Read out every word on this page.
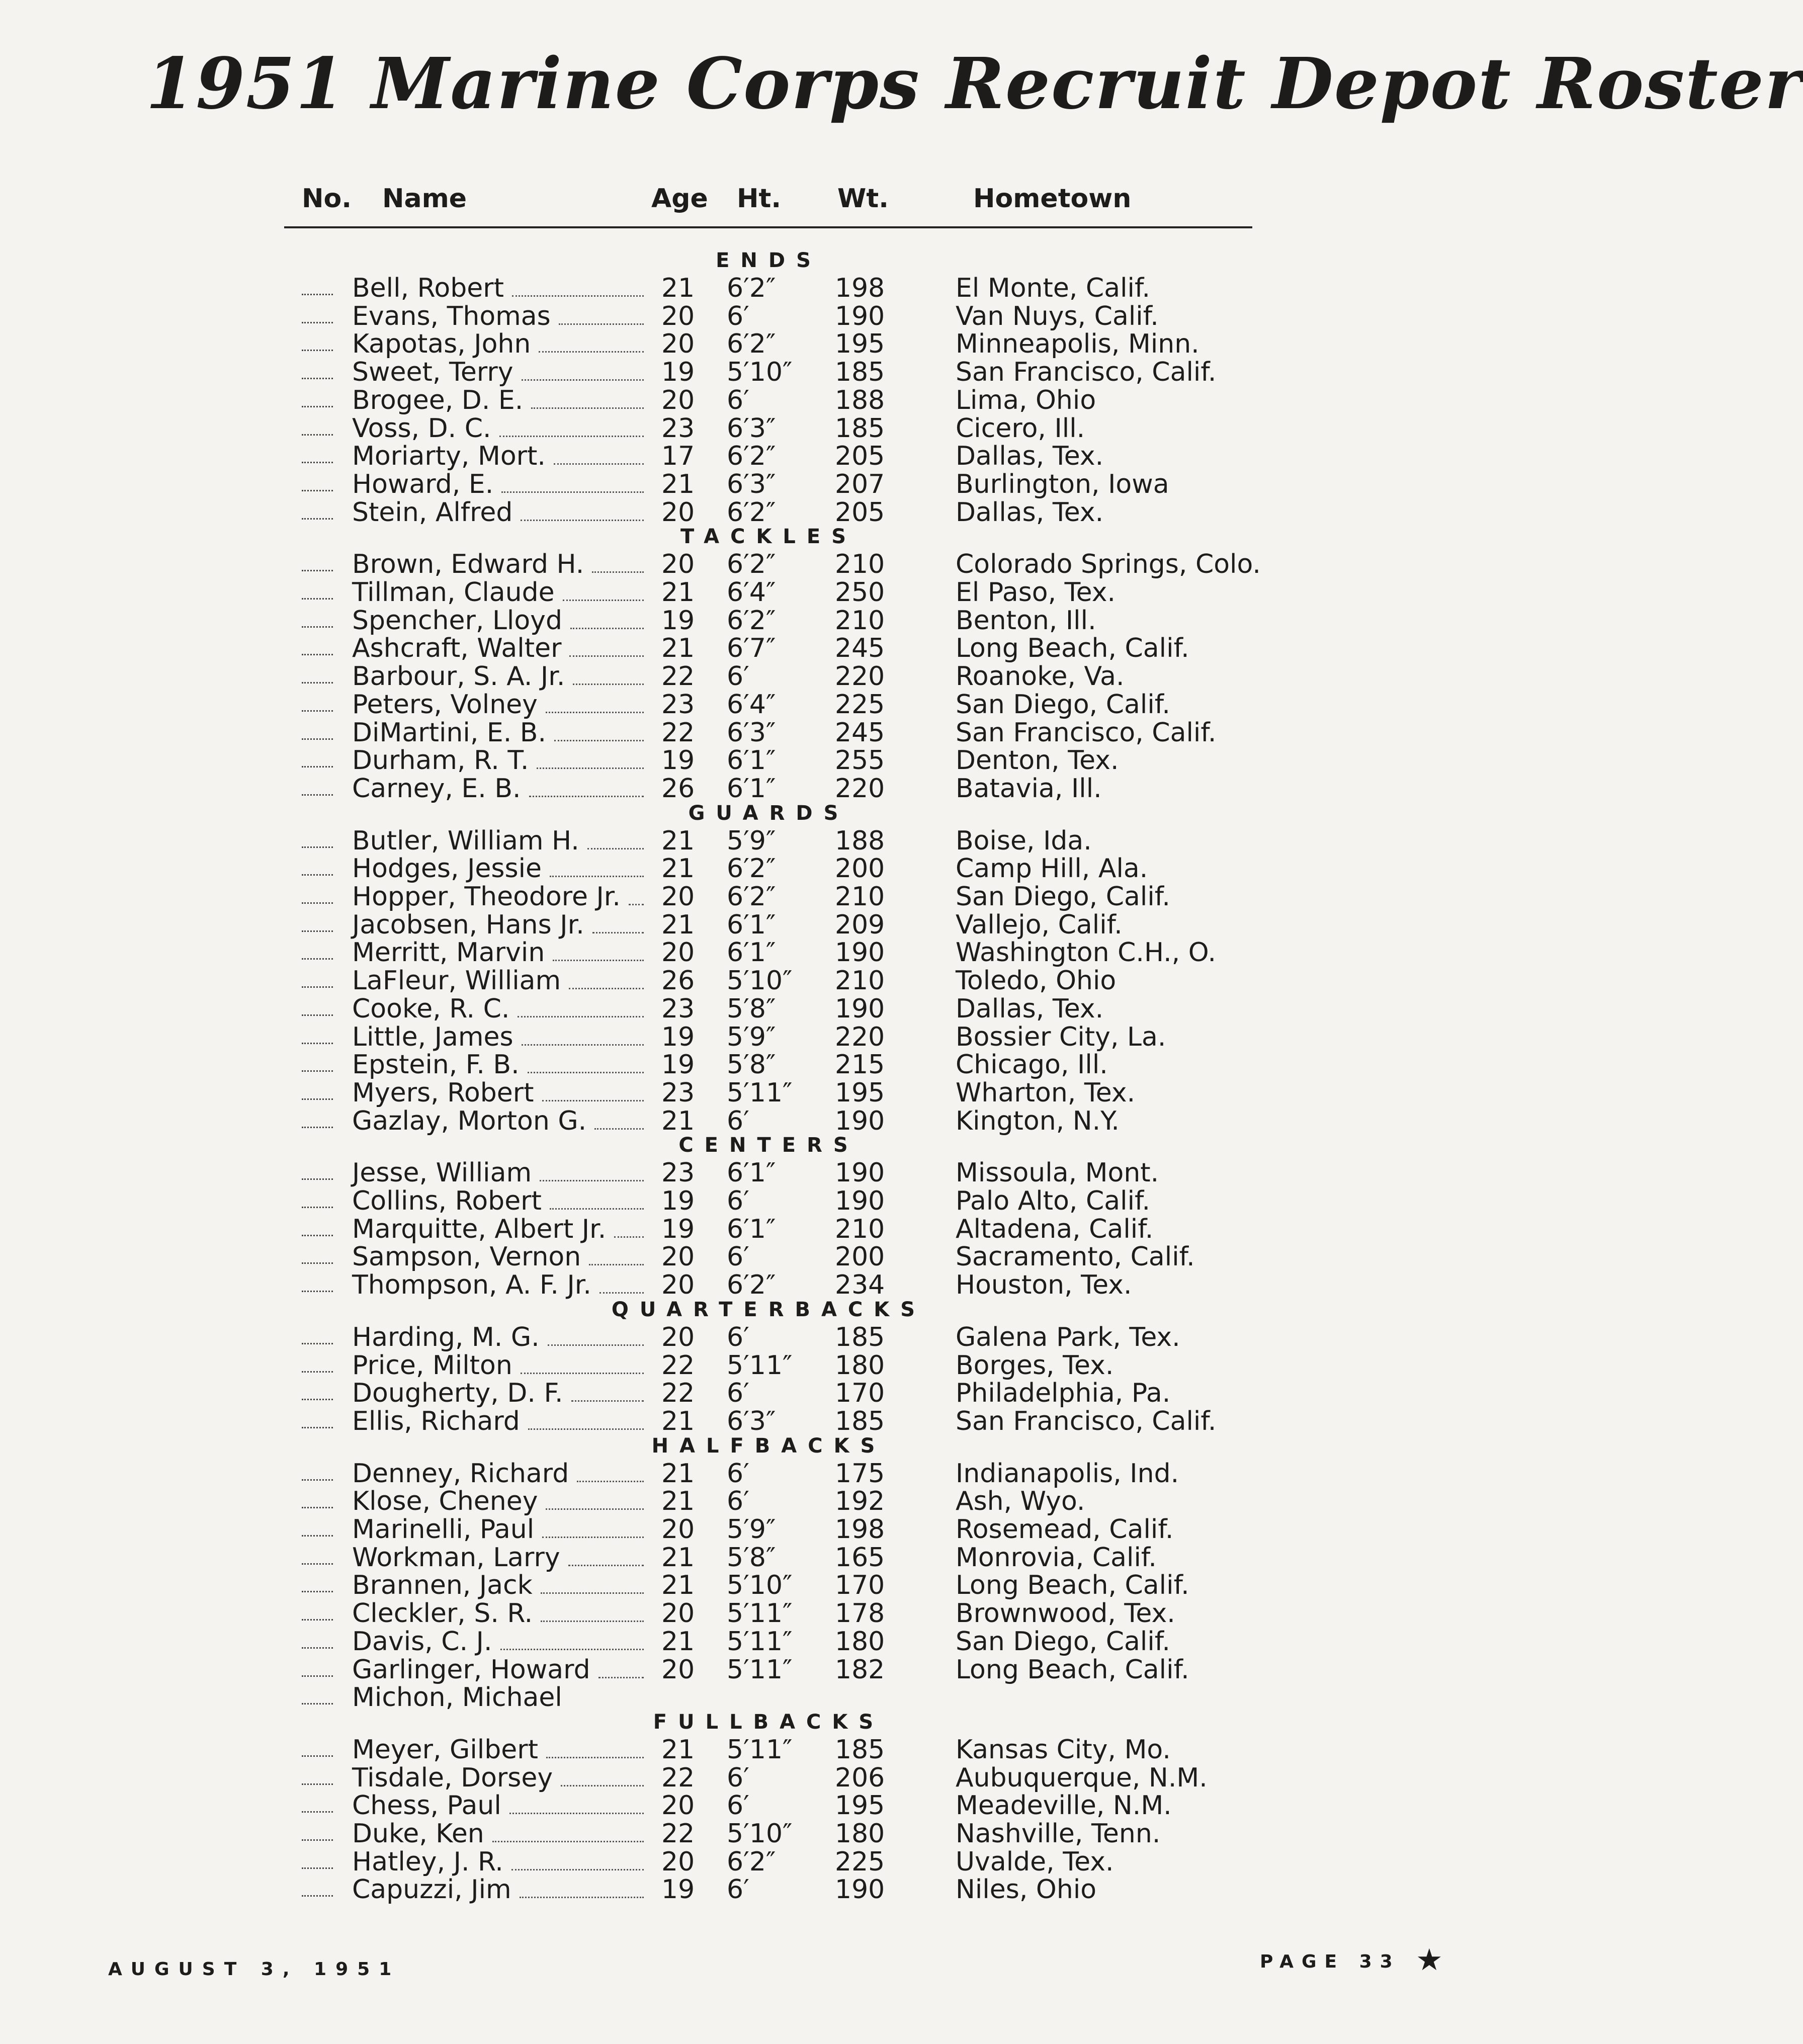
1951 Marine Corps Recruit Depot Roster
No. Name	Age Ht. Wt.	Hometown
ENDS
Bell, Robert	21 6′2″ 198	El Monte, Calif.
Evans, Thomas	20 6′	190	Van Nuys, Calif.
Kapotas, John	20 6′2″ 195	Minneapolis, Minn.
Sweet, Terry	19 5′10″ 185	San Francisco, Calif.
Brogee, D. E.	20 6′	188	Lima, Ohio
Voss, D. C.	23 6′3″ 185	Cicero, Ill.
Moriarty, Mort.	17 6′2″ 205	Dallas, Tex.
Howard, E.	21 6′3″ 207	Burlington, Iowa
Stein, Alfred	20 6′2″ 205	Dallas, Tex.
TACKLES
Brown, Edward H.	20 6′2″ 210	Colorado Springs, Colo.
Tillman, Claude	21 6′4″ 250	El Paso, Tex.
Spencher, Lloyd	19 6′2″ 210	Benton, Ill.
Ashcraft, Walter	21 6′7″ 245	Long Beach, Calif.
Barbour, S. A. Jr.	22 6′	220	Roanoke, Va.
Peters, Volney	23 6′4″ 225	San Diego, Calif.
DiMartini, E. B.	22 6′3″ 245	San Francisco, Calif.
Durham, R. T.	19 6′1″ 255	Denton, Tex.
Carney, E. B.	26 6′1″ 220	Batavia, Ill.
GUARDS
Butler, William H.	21 5′9″ 188	Boise, Ida.
Hodges, Jessie	21 6′2″ 200	Camp Hill, Ala.
Hopper, Theodore Jr. 20 6′2″ 210	San Diego, Calif.
Jacobsen, Hans Jr.	21 6′1″ 209	Vallejo, Calif.
Merritt, Marvin	20 6′1″ 190	Washington C.H., O.
LaFleur, William	26 5′10″ 210	Toledo, Ohio
Cooke, R. C.	23 5′8″ 190	Dallas, Tex.
Little, James	19 5′9″ 220	Bossier City, La.
Epstein, F. B.	19 5′8″ 215	Chicago, Ill.
Myers, Robert	23 5′11″ 195	Wharton, Tex.
Gazlay, Morton G.	21 6′	190	Kington, N.Y.
CENTERS
Jesse, William	23 6′1″ 190	Missoula, Mont.
Collins, Robert	19 6′	190	Palo Alto, Calif.
Marquitte, Albert Jr. 19 6′1″ 210	Altadena, Calif.
Sampson, Vernon	20 6′	200	Sacramento, Calif.
Thompson, A. F. Jr.	20 6′2″ 234	Houston, Tex.
QUARTERBACKS
Harding, M. G.	20 6′	185	Galena Park, Tex.
Price, Milton	22 5′11″ 180	Borges, Tex.
Dougherty, D. F.	22 6′	170	Philadelphia, Pa.
Ellis, Richard	21 6′3″ 185	San Francisco, Calif.
HALFBACKS
Denney, Richard	21 6′	175	Indianapolis, Ind.
Klose, Cheney	21 6′	192	Ash, Wyo.
Marinelli, Paul	20 5′9″ 198	Rosemead, Calif.
Workman, Larry	21 5′8″ 165	Monrovia, Calif.
Brannen, Jack	21 5′10″ 170	Long Beach, Calif.
Cleckler, S. R.	20 5′11″ 178	Brownwood, Tex.
Davis, C. J.	21 5′11″ 180	San Diego, Calif.
Garlinger, Howard	20 5′11″ 182	Long Beach, Calif.
Michon, Michael
FULLBACKS
Meyer, Gilbert	21 5′11″ 185	Kansas City, Mo.
Tisdale, Dorsey	22 6′	206	Aubuquerque, N.M.
Chess, Paul	20 6′	195	Meadeville, N.M.
Duke, Ken	22 5′10″ 180	Nashville, Tenn.
Hatley, J. R.	20 6′2″ 225	Uvalde, Tex.
Capuzzi, Jim	19 6′	190	Niles, Ohio
AUGUST 3, 1951	PAGE 33 ★
